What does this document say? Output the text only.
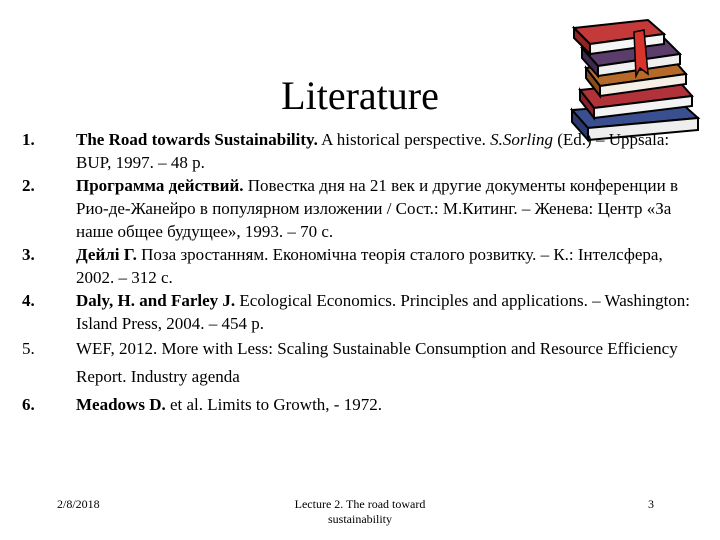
Literature
1.	The Road towards Sustainability. A historical perspective. S.Sorling (Ed.) – Uppsala: BUP, 1997. – 48 p.
2.	Программа действий. Повестка дня на 21 век и другие документы конференции в Рио-де-Жанейро в популярном изложении / Сост.: М.Китинг. – Женева: Центр «За наше общее будущее», 1993. – 70 с.
3.	Дейлі Г. Поза зростанням. Економічна теорія сталого розвитку. – К.: Інтелсфера, 2002. – 312 с.
4.	Daly, H. and Farley J. Ecological Economics. Principles and applications. – Washington: Island Press, 2004. – 454 p.
5.	WEF, 2012. More with Less: Scaling Sustainable Consumption and Resource Efficiency Report. Industry agenda
6.	Meadows D. et al. Limits to Growth, - 1972.
2/8/2018	Lecture 2. The road toward sustainability
3
